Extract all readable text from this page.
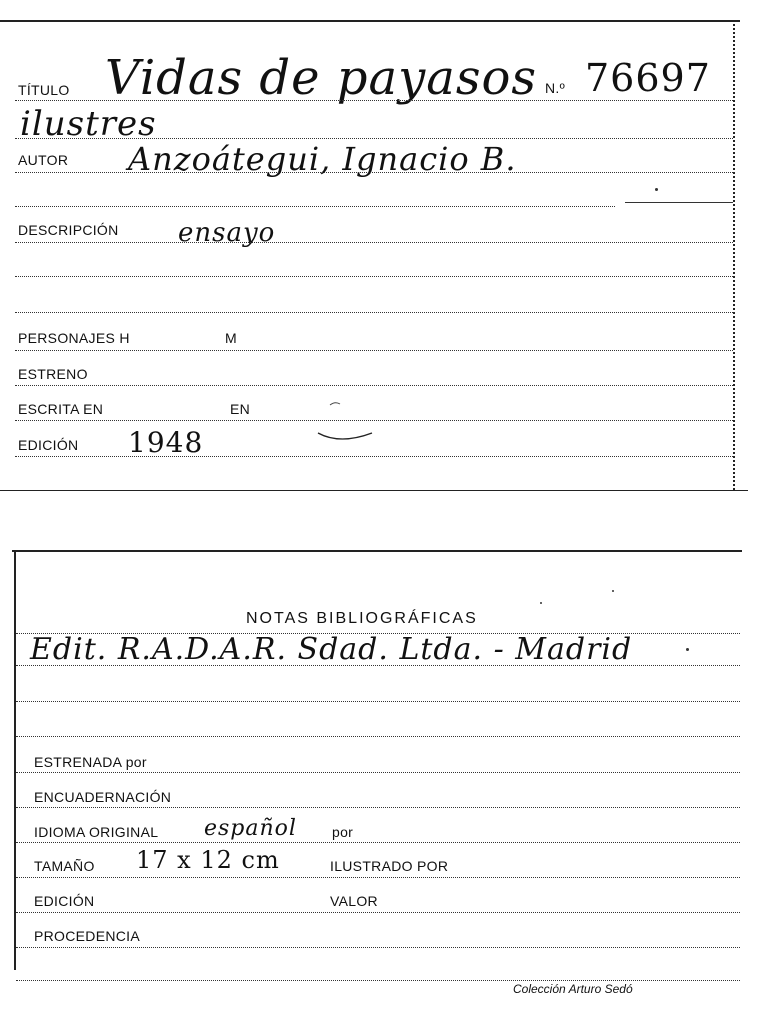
TÍTULO Vidas de payasos N.º 76697
ilustres
AUTOR Anzoátegui, Ignacio B.
DESCRIPCIÓN ensayo
PERSONAJES H	M
ESTRENO
ESCRITA EN	EN
EDICIÓN 1948
NOTAS BIBLIOGRÁFICAS
Edit. R.A.D.A.R. Sdad. Ltda. - Madrid
ESTRENADA por
ENCUADERNACIÓN
IDIOMA ORIGINAL español	por
TAMAÑO 17 x 12 cm	ILUSTRADO POR
EDICIÓN	VALOR
PROCEDENCIA
Colección Arturo Sedó
